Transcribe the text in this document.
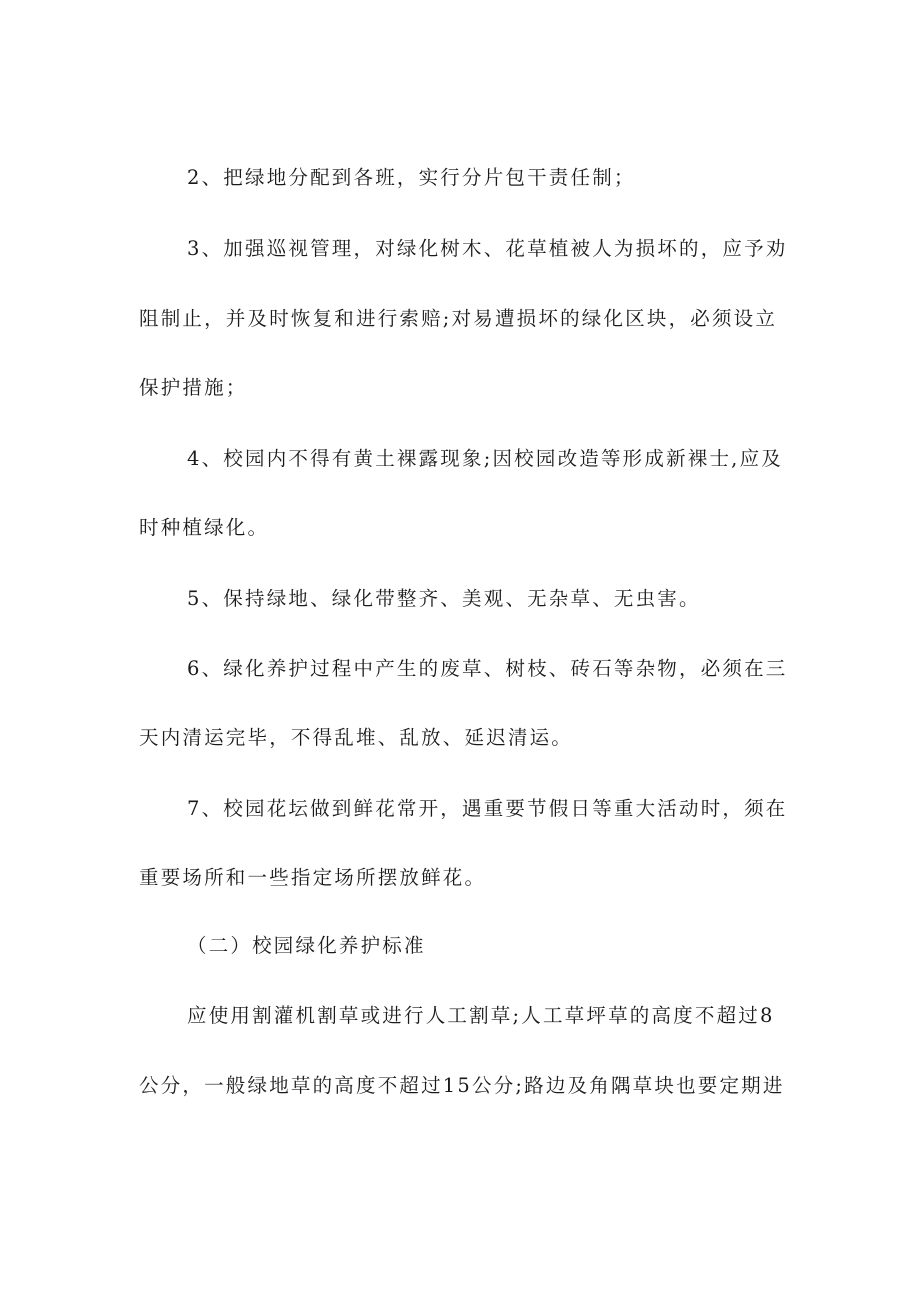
2、把绿地分配到各班，实行分片包干责任制；
3、加强巡视管理，对绿化树木、花草植被人为损坏的，应予劝
阻制止，并及时恢复和进行索赔;对易遭损坏的绿化区块，必须设立
保护措施；
4、校园内不得有黄土裸露现象;因校园改造等形成新裸士,应及
时种植绿化。
5、保持绿地、绿化带整齐、美观、无杂草、无虫害。
6、绿化养护过程中产生的废草、树枝、砖石等杂物，必须在三
天内清运完毕，不得乱堆、乱放、延迟清运。
7、校园花坛做到鲜花常开，遇重要节假日等重大活动时，须在
重要场所和一些指定场所摆放鲜花。
（二）校园绿化养护标准
应使用割灌机割草或进行人工割草;人工草坪草的高度不超过8
公分，一般绿地草的高度不超过15公分;路边及角隅草块也要定期进
